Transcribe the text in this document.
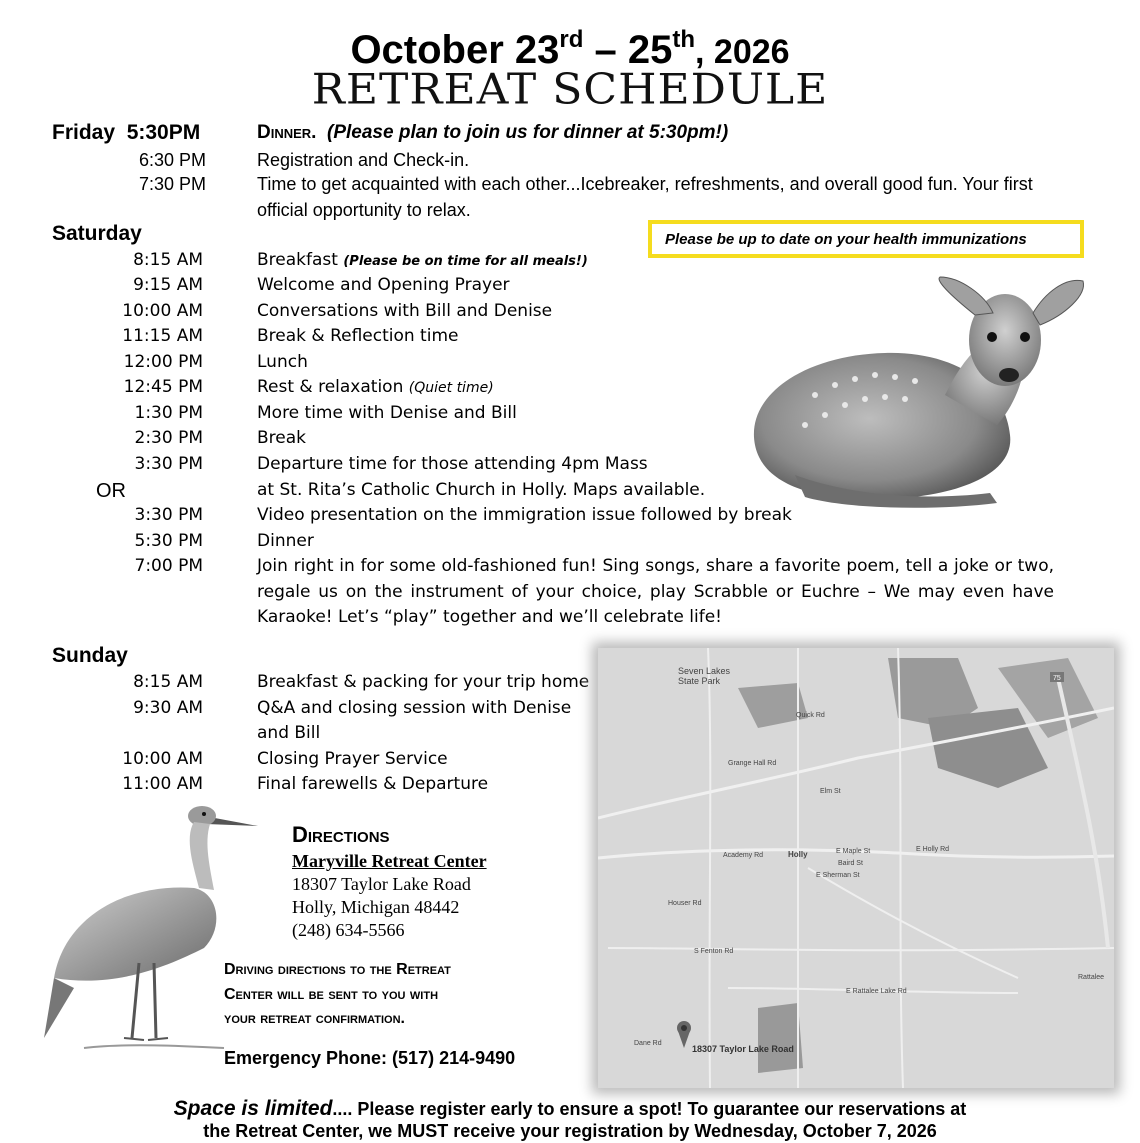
October 23rd – 25th, 2026
RETREAT SCHEDULE
Friday 5:30PM	Dinner. (Please plan to join us for dinner at 5:30pm!)
6:30 PM	Registration and Check-in.
7:30 PM	Time to get acquainted with each other...Icebreaker, refreshments, and overall good fun. Your first
official opportunity to relax.
Saturday	Please be up to date on your health immunizations
8:15 AM	Breakfast (Please be on time for all meals!)
9:15 AM	Welcome and Opening Prayer
10:00 AM	Conversations with Bill and Denise
11:15 AM	Break & Reflection time
12:00 PM	Lunch
12:45 PM	Rest & relaxation (Quiet time)
1:30 PM	More time with Denise and Bill
2:30 PM	Break
3:30 PM	Departure time for those attending 4pm Mass
OR	at St. Rita’s Catholic Church in Holly. Maps available.
3:30 PM	Video presentation on the immigration issue followed by break
5:30 PM	Dinner
7:00 PM	Join right in for some old-fashioned fun! Sing songs, share a favorite poem, tell a joke or two,
regale us on the instrument of your choice, play Scrabble or Euchre – We may even have
Karaoke! Let’s “play” together and we’ll celebrate life!
Sunday
8:15 AM	Breakfast & packing for your trip home
9:30 AM	Q&A and closing session with Denise
and Bill
10:00 AM	Closing Prayer Service
11:00 AM	Final farewells & Departure
18307 Taylor Lake Road
75
Seven Lakes State Park
Grange Hall Rd
Holly	E Maple St	E Holly Rd
Academy Rd
Baird St
E Sherman St
Houser Rd
S Fenton Rd
E Rattalee Lake Rd
Dane Rd
Quick Rd
Elm St
Rattalee
Directions
Maryville Retreat Center
18307 Taylor Lake Road
Holly, Michigan 48442
(248) 634-5566
Driving directions to the Retreat
Center will be sent to you with
your retreat confirmation.
Emergency Phone: (517) 214-9490
Space is limited.... Please register early to ensure a spot! To guarantee our reservations at
the Retreat Center, we MUST receive your registration by Wednesday, October 7, 2026
